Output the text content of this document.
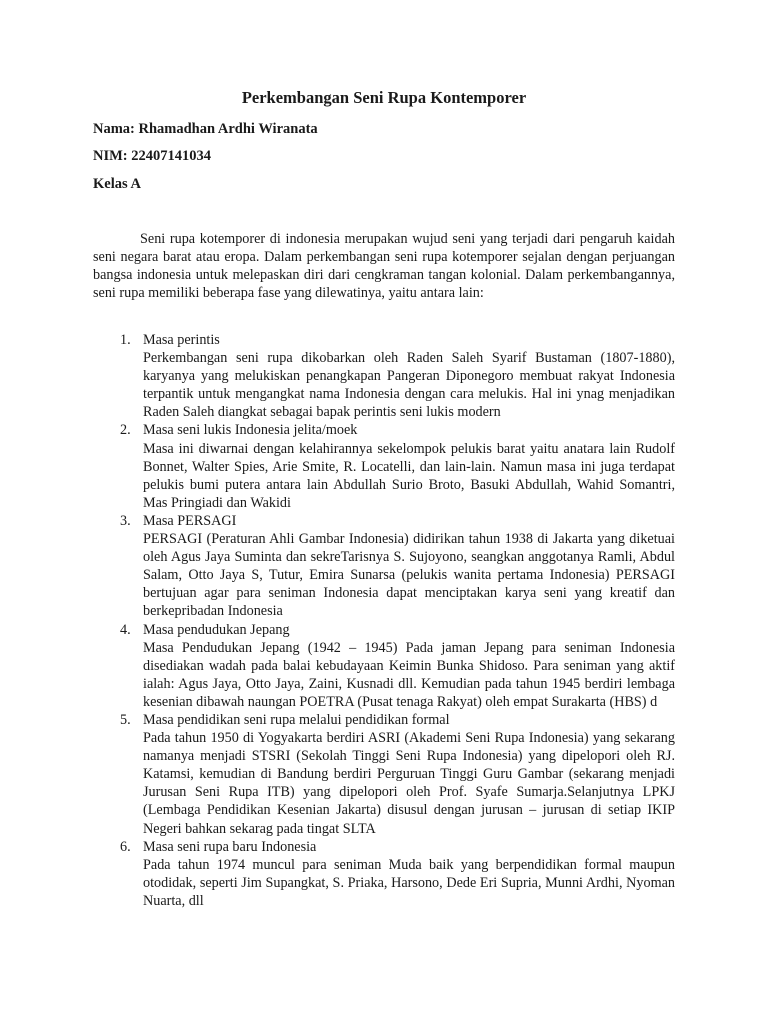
Perkembangan Seni Rupa Kontemporer
Nama: Rhamadhan Ardhi Wiranata
NIM: 22407141034
Kelas A

Seni rupa kotemporer di indonesia merupakan wujud seni yang terjadi dari pengaruh kaidah seni negara barat atau eropa. Dalam perkembangan seni rupa kotemporer sejalan dengan perjuangan bangsa indonesia untuk melepaskan diri dari cengkraman tangan kolonial. Dalam perkembangannya, seni rupa memiliki beberapa fase yang dilewatinya, yaitu antara lain:

1. Masa perintis
Perkembangan seni rupa dikobarkan oleh Raden Saleh Syarif Bustaman (1807-1880), karyanya yang melukiskan penangkapan Pangeran Diponegoro membuat rakyat Indonesia terpantik untuk mengangkat nama Indonesia dengan cara melukis. Hal ini ynag menjadikan Raden Saleh diangkat sebagai bapak perintis seni lukis modern
2. Masa seni lukis Indonesia jelita/moek
Masa ini diwarnai dengan kelahirannya sekelompok pelukis barat yaitu anatara lain Rudolf Bonnet, Walter Spies, Arie Smite, R. Locatelli, dan lain-lain. Namun masa ini juga terdapat pelukis bumi putera antara lain Abdullah Surio Broto, Basuki Abdullah, Wahid Somantri, Mas Pringiadi dan Wakidi
3. Masa PERSAGI
PERSAGI (Peraturan Ahli Gambar Indonesia) didirikan tahun 1938 di Jakarta yang diketuai oleh Agus Jaya Suminta dan sekreTarisnya S. Sujoyono, seangkan anggotanya Ramli, Abdul Salam, Otto Jaya S, Tutur, Emira Sunarsa (pelukis wanita pertama Indonesia) PERSAGI bertujuan agar para seniman Indonesia dapat menciptakan karya seni yang kreatif dan berkepribadan Indonesia
4. Masa pendudukan Jepang
Masa Pendudukan Jepang (1942 – 1945) Pada jaman Jepang para seniman Indonesia disediakan wadah pada balai kebudayaan Keimin Bunka Shidoso. Para seniman yang aktif ialah: Agus Jaya, Otto Jaya, Zaini, Kusnadi dll. Kemudian pada tahun 1945 berdiri lembaga kesenian dibawah naungan POETRA (Pusat tenaga Rakyat) oleh empat Surakarta (HBS) d
5. Masa pendidikan seni rupa melalui pendidikan formal
Pada tahun 1950 di Yogyakarta berdiri ASRI (Akademi Seni Rupa Indonesia) yang sekarang namanya menjadi STSRI (Sekolah Tinggi Seni Rupa Indonesia) yang dipelopori oleh RJ. Katamsi, kemudian di Bandung berdiri Perguruan Tinggi Guru Gambar (sekarang menjadi Jurusan Seni Rupa ITB) yang dipelopori oleh Prof. Syafe Sumarja.Selanjutnya LPKJ (Lembaga Pendidikan Kesenian Jakarta) disusul dengan jurusan – jurusan di setiap IKIP Negeri bahkan sekarag pada tingat SLTA
6. Masa seni rupa baru Indonesia
Pada tahun 1974 muncul para seniman Muda baik yang berpendidikan formal maupun otodidak, seperti Jim Supangkat, S. Priaka, Harsono, Dede Eri Supria, Munni Ardhi, Nyoman Nuarta, dll
